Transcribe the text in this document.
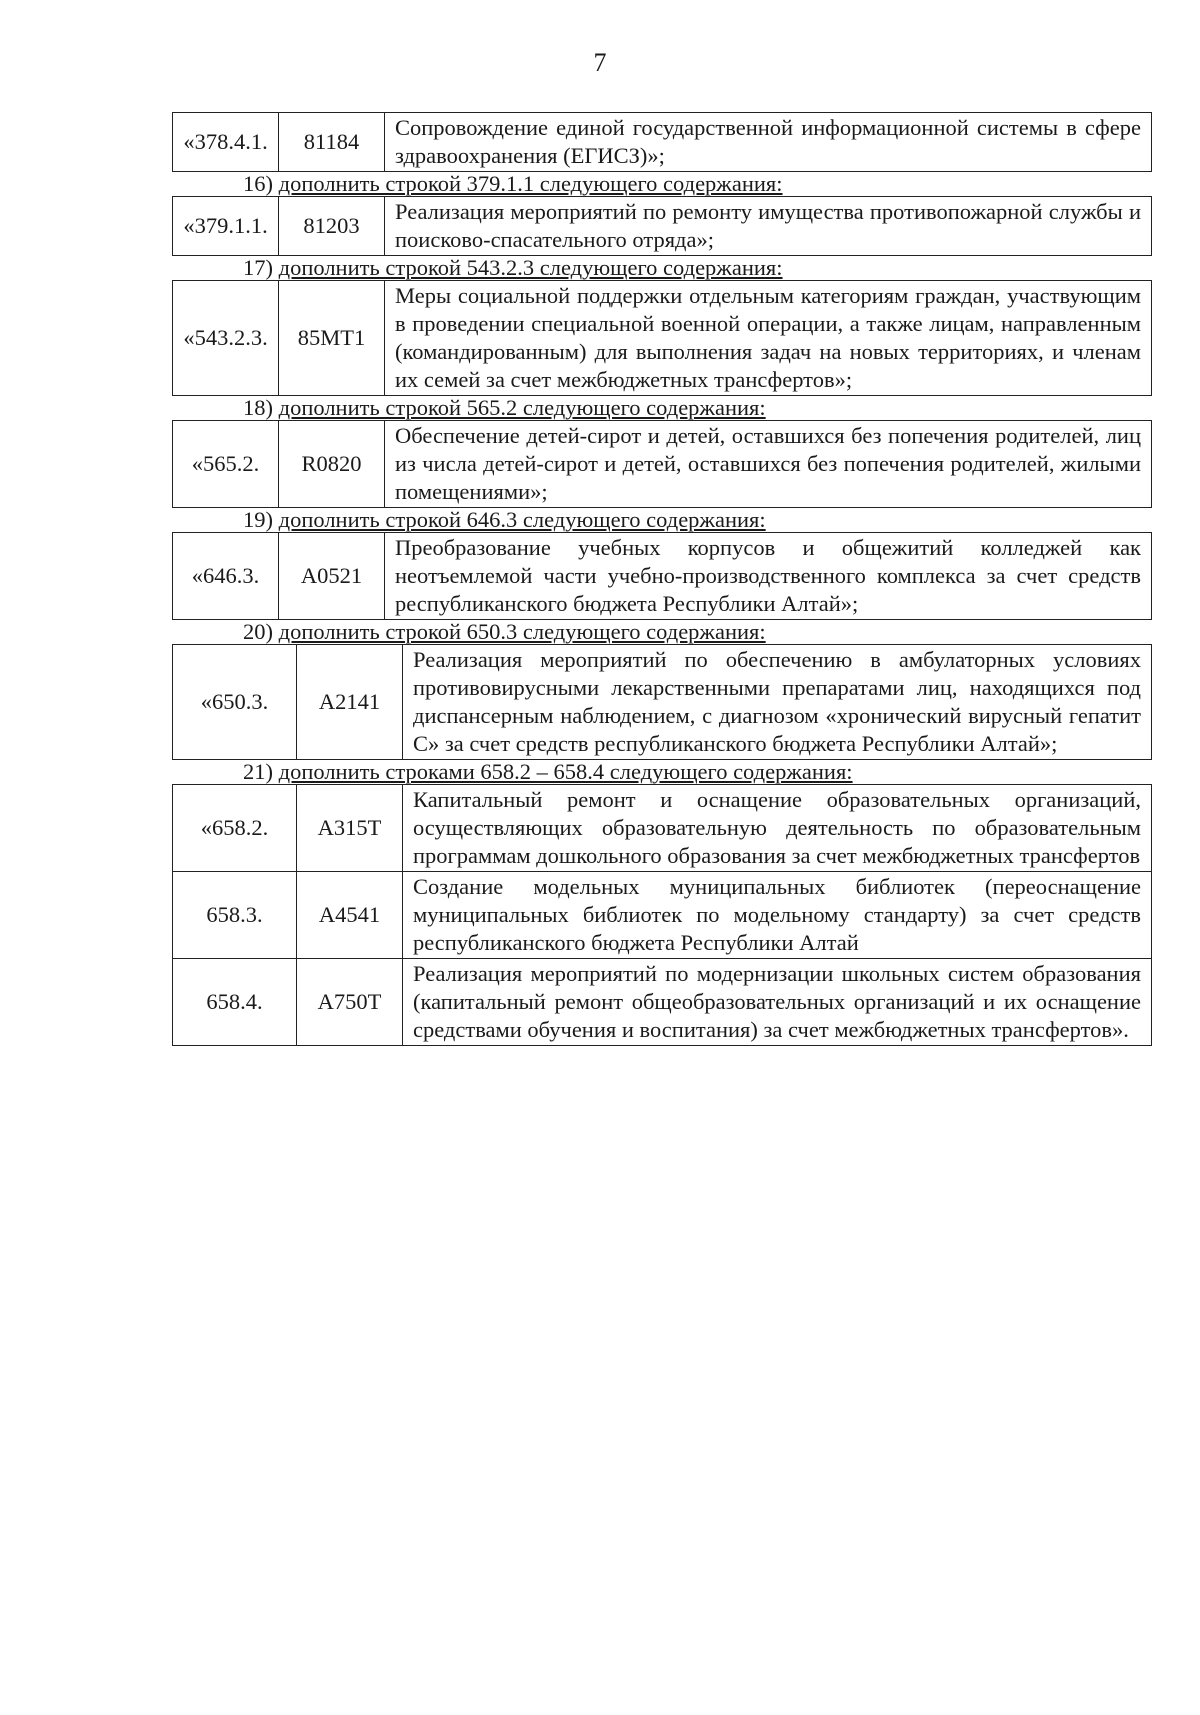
7
«378.4.1.	81184	Сопровождение единой государственной информационной системы в сфере здравоохранения (ЕГИСЗ)»;
16) дополнить строкой 379.1.1 следующего содержания:
«379.1.1.	81203	Реализация мероприятий по ремонту имущества противопожарной службы и поисково-спасательного отряда»;
17) дополнить строкой 543.2.3 следующего содержания:
«543.2.3.	85МТ1	Меры социальной поддержки отдельным категориям граждан, участвующим в проведении специальной военной операции, а также лицам, направленным (командированным) для выполнения задач на новых территориях, и членам их семей за счет межбюджетных трансфертов»;
18) дополнить строкой 565.2 следующего содержания:
«565.2.	R0820	Обеспечение детей-сирот и детей, оставшихся без попечения родителей, лиц из числа детей-сирот и детей, оставшихся без попечения родителей, жилыми помещениями»;
19) дополнить строкой 646.3 следующего содержания:
«646.3.	А0521	Преобразование учебных корпусов и общежитий колледжей как неотъемлемой части учебно-производственного комплекса за счет средств республиканского бюджета Республики Алтай»;
20) дополнить строкой 650.3 следующего содержания:
«650.3.	А2141	Реализация мероприятий по обеспечению в амбулаторных условиях противовирусными лекарственными препаратами лиц, находящихся под диспансерным наблюдением, с диагнозом «хронический вирусный гепатит С» за счет средств республиканского бюджета Республики Алтай»;
21) дополнить строками 658.2 – 658.4 следующего содержания:
«658.2.	А315Т	Капитальный ремонт и оснащение образовательных организаций, осуществляющих образовательную деятельность по образовательным программам дошкольного образования за счет межбюджетных трансфертов
658.3.	А4541	Создание модельных муниципальных библиотек (переоснащение муниципальных библиотек по модельному стандарту) за счет средств республиканского бюджета Республики Алтай
658.4.	А750Т	Реализация мероприятий по модернизации школьных систем образования (капитальный ремонт общеобразовательных организаций и их оснащение средствами обучения и воспитания) за счет межбюджетных трансфертов».
